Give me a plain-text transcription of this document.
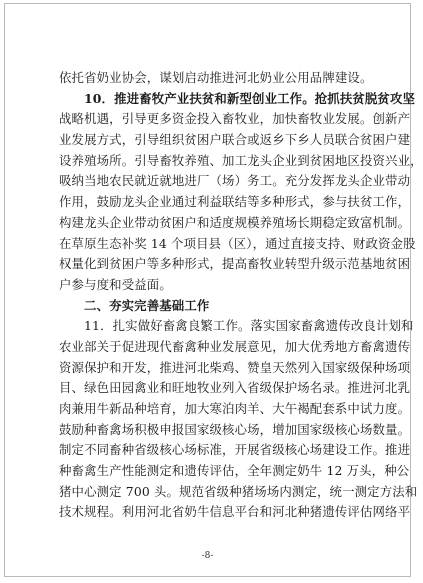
依托省奶业协会，谋划启动推进河北奶业公用品牌建设。
10．推进畜牧产业扶贫和新型创业工作。抢抓扶贫脱贫攻坚
战略机遇，引导更多资金投入畜牧业，加快畜牧业发展。创新产
业发展方式，引导组织贫困户联合或返乡下乡人员联合贫困户建
设养殖场所。引导畜牧养殖、加工龙头企业到贫困地区投资兴业，
吸纳当地农民就近就地进厂（场）务工。充分发挥龙头企业带动
作用，鼓励龙头企业通过利益联结等多种形式，参与扶贫工作，
构建龙头企业带动贫困户和适度规模养殖场长期稳定致富机制。
在草原生态补奖 14 个项目县（区），通过直接支持、财政资金股
权量化到贫困户等多种形式，提高畜牧业转型升级示范基地贫困
户参与度和受益面。
二、夯实完善基础工作
11．扎实做好畜禽良繁工作。落实国家畜禽遗传改良计划和
农业部关于促进现代畜禽种业发展意见，加大优秀地方畜禽遗传
资源保护和开发，推进河北柴鸡、赞皇天然列入国家级保种场项
目、绿色田园禽业和旺地牧业列入省级保护场名录。推进河北乳
肉兼用牛新品种培育，加大寒泊肉羊、大午褐配套系中试力度。
鼓励种畜禽场积极申报国家级核心场，增加国家级核心场数量。
制定不同畜种省级核心场标准，开展省级核心场建设工作。推进
种畜禽生产性能测定和遗传评估，全年测定奶牛 12 万头，种公
猪中心测定 700 头。规范省级种猪场场内测定，统一测定方法和
技术规程。利用河北省奶牛信息平台和河北种猪遗传评估网络平
-8-
